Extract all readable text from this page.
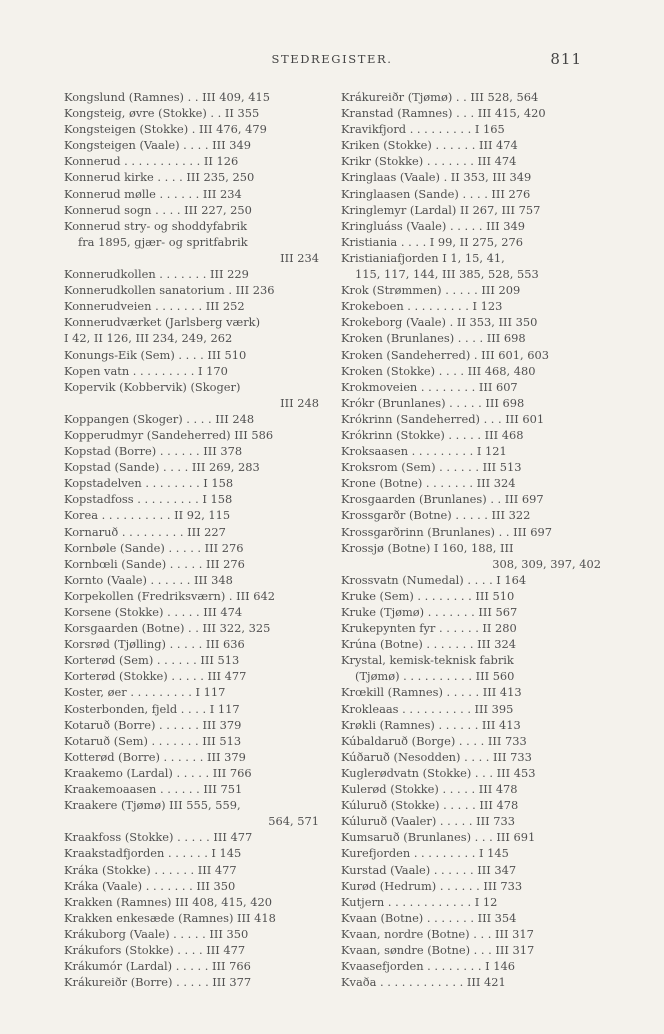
STEDREGISTER.	811
Kongslund (Ramnes) . . III 409, 415
Kongsteig, øvre (Stokke) . . II 355
Kongsteigen (Stokke) . III 476, 479
Kongsteigen (Vaale) . . . . III 349
Konnerud . . . . . . . . . . . II 126
Konnerud kirke . . . . III 235, 250
Konnerud mølle . . . . . . III 234
Konnerud sogn . . . . III 227, 250
Konnerud stry- og shoddyfabrik
fra 1895, gjær- og spritfabrik
III 234
Konnerudkollen . . . . . . . III 229
Konnerudkollen sanatorium . III 236
Konnerudveien . . . . . . . III 252
Konnerudværket (Jarlsberg værk)
I 42, II 126, III 234, 249, 262
Konungs-Eik (Sem) . . . . III 510
Kopen vatn . . . . . . . . . I 170
Kopervik (Kobbervik) (Skoger)
III 248
Koppangen (Skoger) . . . . III 248
Kopperudmyr (Sandeherred) III 586
Kopstad (Borre) . . . . . . III 378
Kopstad (Sande) . . . . III 269, 283
Kopstadelven . . . . . . . . I 158
Kopstadfoss . . . . . . . . . I 158
Korea . . . . . . . . . . II 92, 115
Kornaruð . . . . . . . . . III 227
Kornbøle (Sande) . . . . . III 276
Kornbœli (Sande) . . . . . III 276
Kornto (Vaale) . . . . . . III 348
Korpekollen (Fredriksværn) . III 642
Korsene (Stokke) . . . . . III 474
Korsgaarden (Botne) . . III 322, 325
Korsrød (Tjølling) . . . . . III 636
Korterød (Sem) . . . . . . III 513
Korterød (Stokke) . . . . . III 477
Koster, øer . . . . . . . . . I 117
Kosterbonden, fjeld . . . . I 117
Kotaruð (Borre) . . . . . . III 379
Kotaruð (Sem) . . . . . . . III 513
Kotterød (Borre) . . . . . . III 379
Kraakemo (Lardal) . . . . . III 766
Kraakemoaasen . . . . . . III 751
Kraakere (Tjømø) III 555, 559,
564, 571
Kraakfoss (Stokke) . . . . . III 477
Kraakstadfjorden . . . . . . I 145
Kráka (Stokke) . . . . . . III 477
Kráka (Vaale) . . . . . . . III 350
Krakken (Ramnes) III 408, 415, 420
Krakken enkesæde (Ramnes) III 418
Krákuborg (Vaale) . . . . . III 350
Krákufors (Stokke) . . . . III 477
Krákumór (Lardal) . . . . . III 766
Krákureiðr (Borre) . . . . . III 377
Krákureiðr (Tjømø) . . III 528, 564
Kranstad (Ramnes) . . . III 415, 420
Kravikfjord . . . . . . . . . I 165
Kriken (Stokke) . . . . . . III 474
Krikr (Stokke) . . . . . . . III 474
Kringlaas (Vaale) . II 353, III 349
Kringlaasen (Sande) . . . . III 276
Kringlemyr (Lardal) II 267, III 757
Kringluáss (Vaale) . . . . . III 349
Kristiania . . . . I 99, II 275, 276
Kristianiafjorden I 1, 15, 41,
115, 117, 144, III 385, 528, 553
Krok (Strømmen) . . . . . III 209
Krokeboen . . . . . . . . . I 123
Krokeborg (Vaale) . II 353, III 350
Kroken (Brunlanes) . . . . III 698
Kroken (Sandeherred) . III 601, 603
Kroken (Stokke) . . . . III 468, 480
Krokmoveien . . . . . . . . III 607
Krókr (Brunlanes) . . . . . III 698
Krókrinn (Sandeherred) . . . III 601
Krókrinn (Stokke) . . . . . III 468
Kroksaasen . . . . . . . . . I 121
Kroksrom (Sem) . . . . . . III 513
Krone (Botne) . . . . . . . III 324
Krosgaarden (Brunlanes) . . III 697
Krossgarðr (Botne) . . . . . III 322
Krossgarðrinn (Brunlanes) . . III 697
Krossjø (Botne) I 160, 188, III
308, 309, 397, 402
Krossvatn (Numedal) . . . . I 164
Kruke (Sem) . . . . . . . . III 510
Kruke (Tjømø) . . . . . . . III 567
Krukepynten fyr . . . . . . II 280
Krúna (Botne) . . . . . . . III 324
Krystal, kemisk-teknisk fabrik
(Tjømø) . . . . . . . . . . III 560
Krœkill (Ramnes) . . . . . III 413
Krokleaas . . . . . . . . . . III 395
Krøkli (Ramnes) . . . . . . III 413
Kúbaldaruð (Borge) . . . . III 733
Kúðaruð (Nesodden) . . . . III 733
Kuglerødvatn (Stokke) . . . III 453
Kulerød (Stokke) . . . . . III 478
Kúluruð (Stokke) . . . . . III 478
Kúluruð (Vaaler) . . . . . III 733
Kumsaruð (Brunlanes) . . . III 691
Kurefjorden . . . . . . . . . I 145
Kurstad (Vaale) . . . . . . III 347
Kurød (Hedrum) . . . . . . III 733
Kutjern . . . . . . . . . . . . I 12
Kvaan (Botne) . . . . . . . III 354
Kvaan, nordre (Botne) . . . III 317
Kvaan, søndre (Botne) . . . III 317
Kvaasefjorden . . . . . . . . I 146
Kvaða . . . . . . . . . . . . III 421
